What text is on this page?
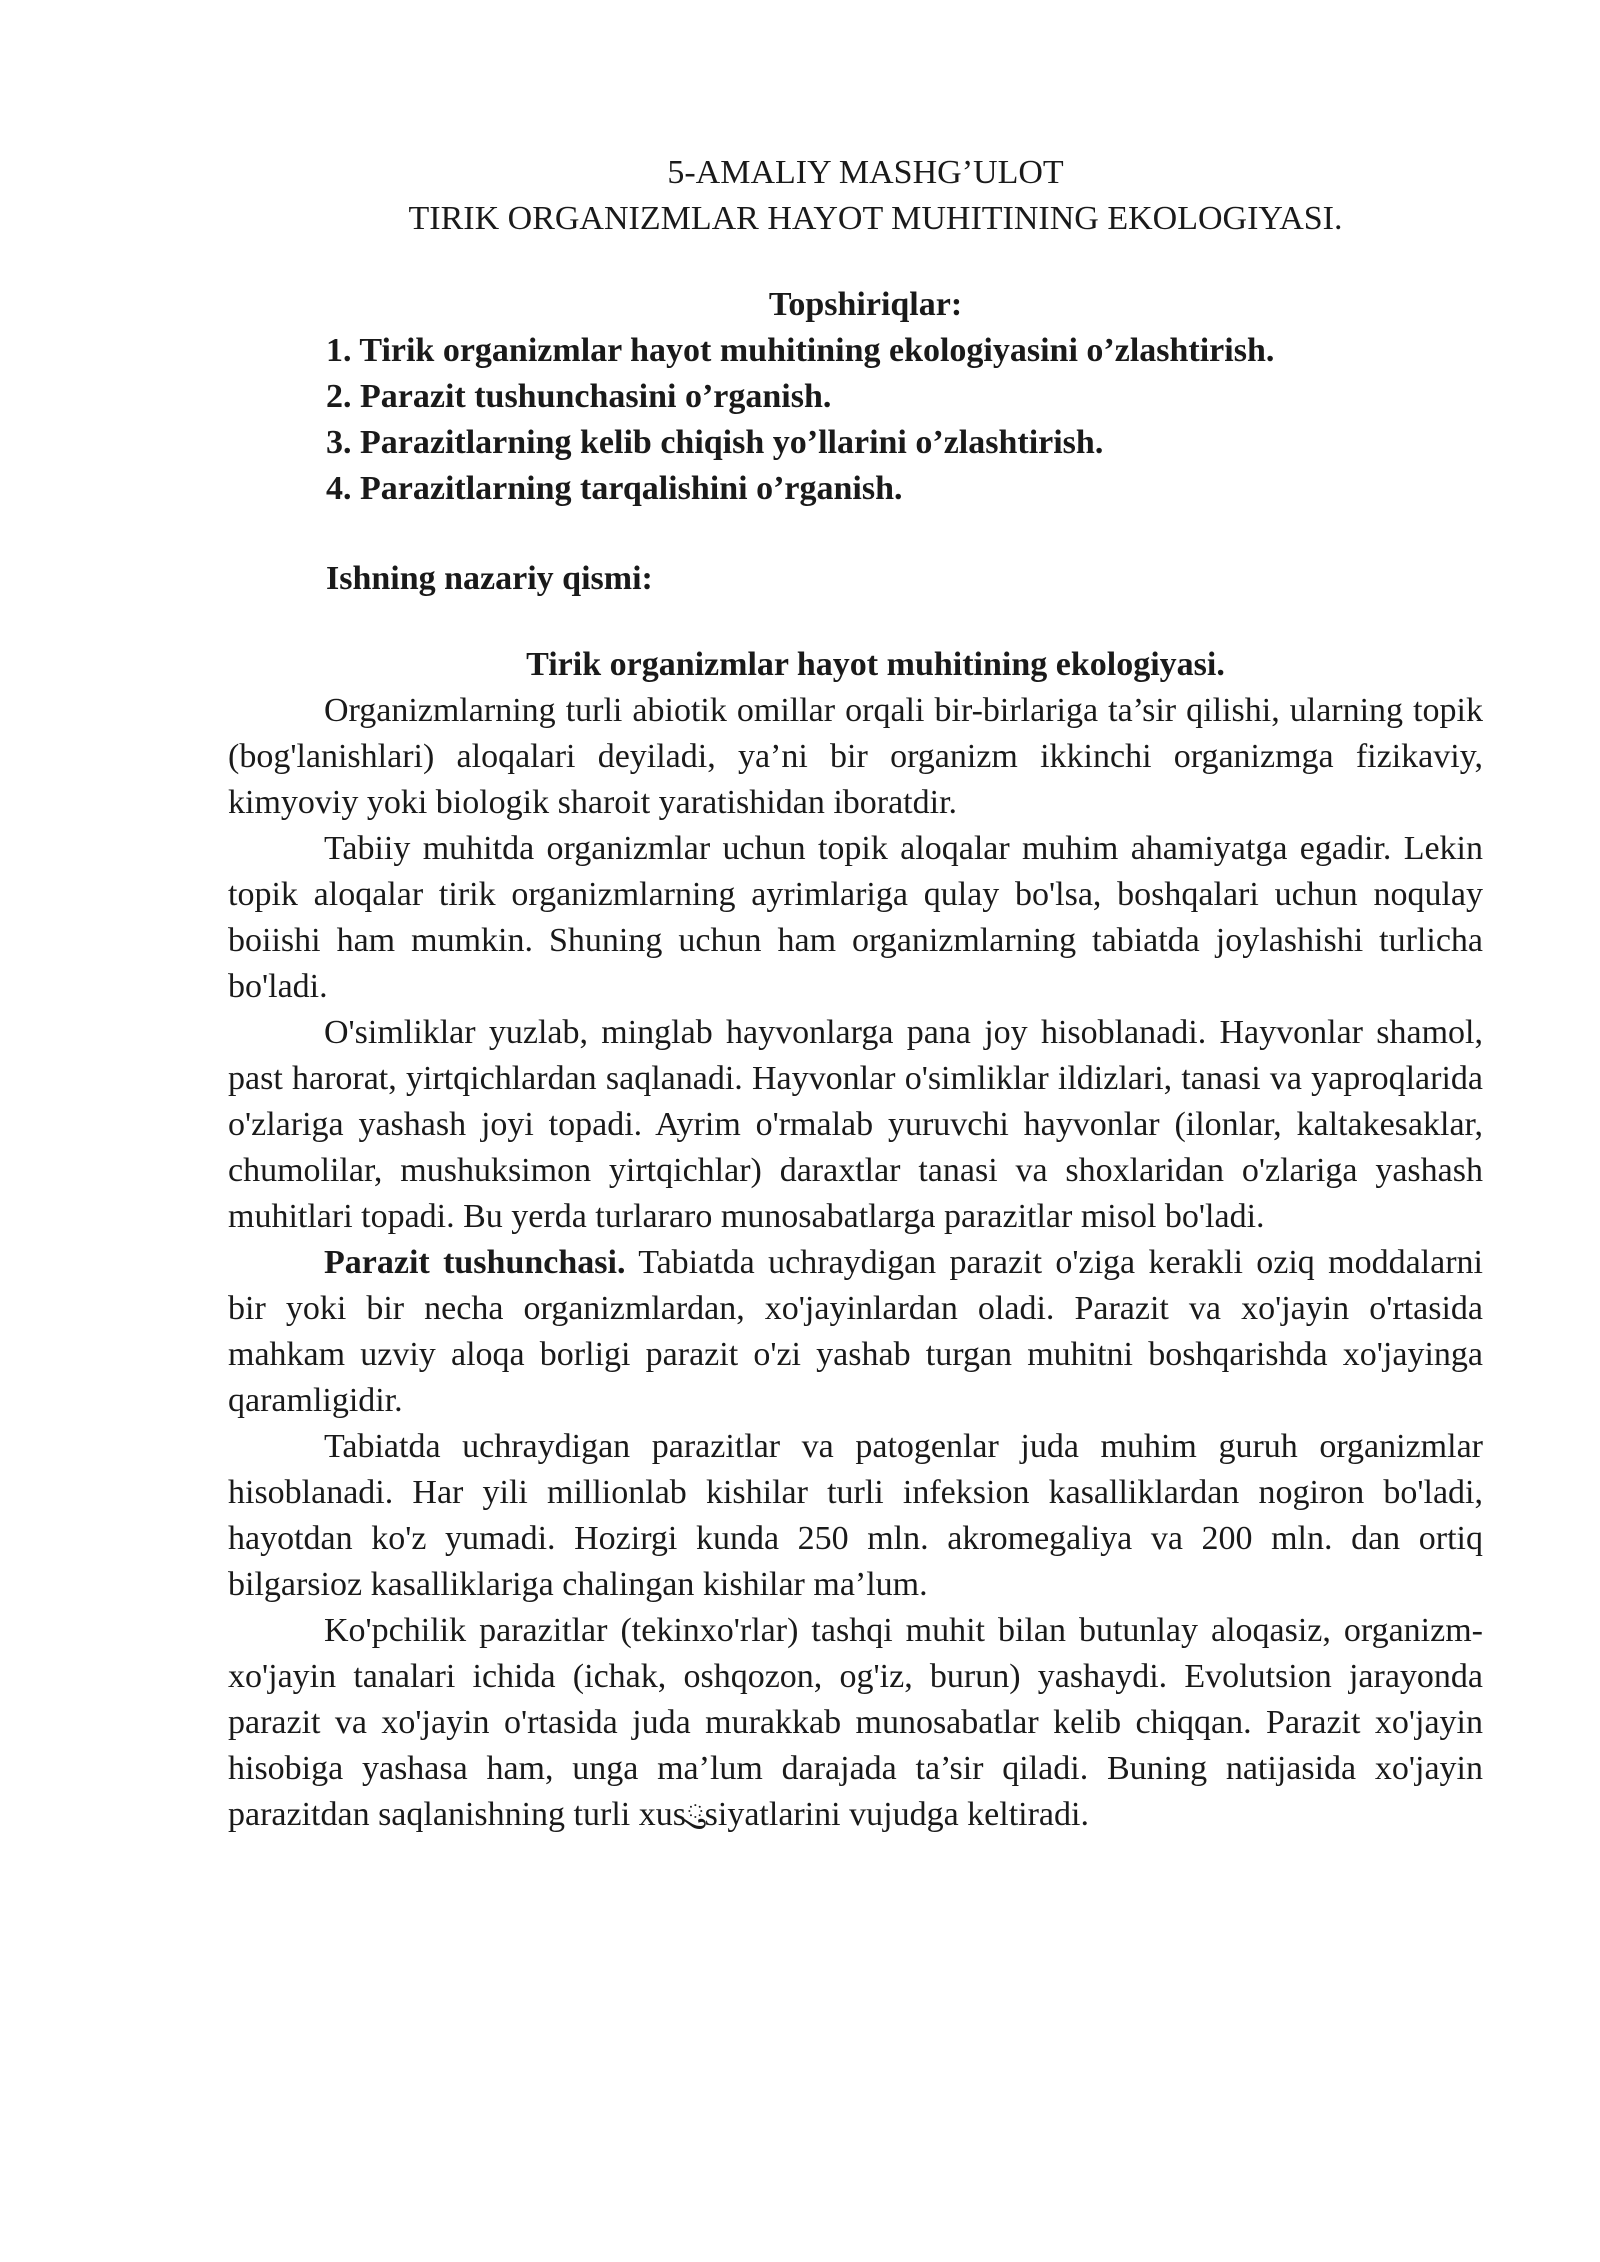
5-AMALIY MASHG’ULOT

TIRIK ORGANIZMLAR HAYOT MUHITINING EKOLOGIYASI.

Topshiriqlar:
1. Tirik organizmlar hayot muhitining ekologiyasini o’zlashtirish.
2. Parazit tushunchasini o’rganish.
3. Parazitlarning kelib chiqish yo’llarini o’zlashtirish.
4. Parazitlarning tarqalishini o’rganish.
Ishning nazariy qismi:
Tirik organizmlar hayot muhitining ekologiyasi.

Organizmlarning turli abiotik omillar orqali bir-birlariga ta’sir qilishi, ularning topik (bog'lanishlari) aloqalari deyiladi, ya’ni bir organizm ikkinchi organizmga fizikaviy, kimyoviy yoki biologik sharoit yaratishidan iboratdir.

Tabiiy muhitda organizmlar uchun topik aloqalar muhim ahamiyatga egadir. Lekin topik aloqalar tirik organizmlarning ayrimlariga qulay bo'lsa, boshqalari uchun noqulay boiishi ham mumkin. Shuning uchun ham organizmlarning tabiatda joylashishi turlicha bo'ladi.

O'simliklar yuzlab, minglab hayvonlarga pana joy hisoblanadi. Hayvonlar shamol, past harorat, yirtqichlardan saqlanadi. Hayvonlar o'simliklar ildizlari, tanasi va yaproqlarida o'zlariga yashash joyi topadi. Ayrim o'rmalab yuruvchi hayvonlar (ilonlar, kaltakesaklar, chumolilar, mushuksimon yirtqichlar) daraxtlar tanasi va shoxlaridan o'zlariga yashash muhitlari topadi. Bu yerda turlararo munosabatlarga parazitlar misol bo'ladi.

Parazit tushunchasi. Tabiatda uchraydigan parazit o'ziga kerakli oziq moddalarni bir yoki bir necha organizmlardan, xo'jayinlardan oladi. Parazit va xo'jayin o'rtasida mahkam uzviy aloqa borligi parazit o'zi yashab turgan muhitni boshqarishda xo'jayinga qaramligidir.

Tabiatda uchraydigan parazitlar va patogenlar juda muhim guruh organizmlar hisoblanadi. Har yili millionlab kishilar turli infeksion kasalliklardan nogiron bo'ladi, hayotdan ko'z yumadi. Hozirgi kunda 250 mln. akromegaliya va 200 mln. dan ortiq bilgarsioz kasalliklariga chalingan kishilar ma’lum.

Ko'pchilik parazitlar (tekinxo'rlar) tashqi muhit bilan butunlay aloqasiz, organizm-xo'jayin tanalari ichida (ichak, oshqozon, og'iz, burun) yashaydi. Evolutsion jarayonda parazit va xo'jayin o'rtasida juda murakkab munosabatlar kelib chiqqan. Parazit xo'jayin hisobiga yashasa ham, unga ma’lum darajada ta’sir qiladi. Buning natijasida xo'jayin parazitdan saqlanishning turli xusུsiyatlarini vujudga keltiradi.
